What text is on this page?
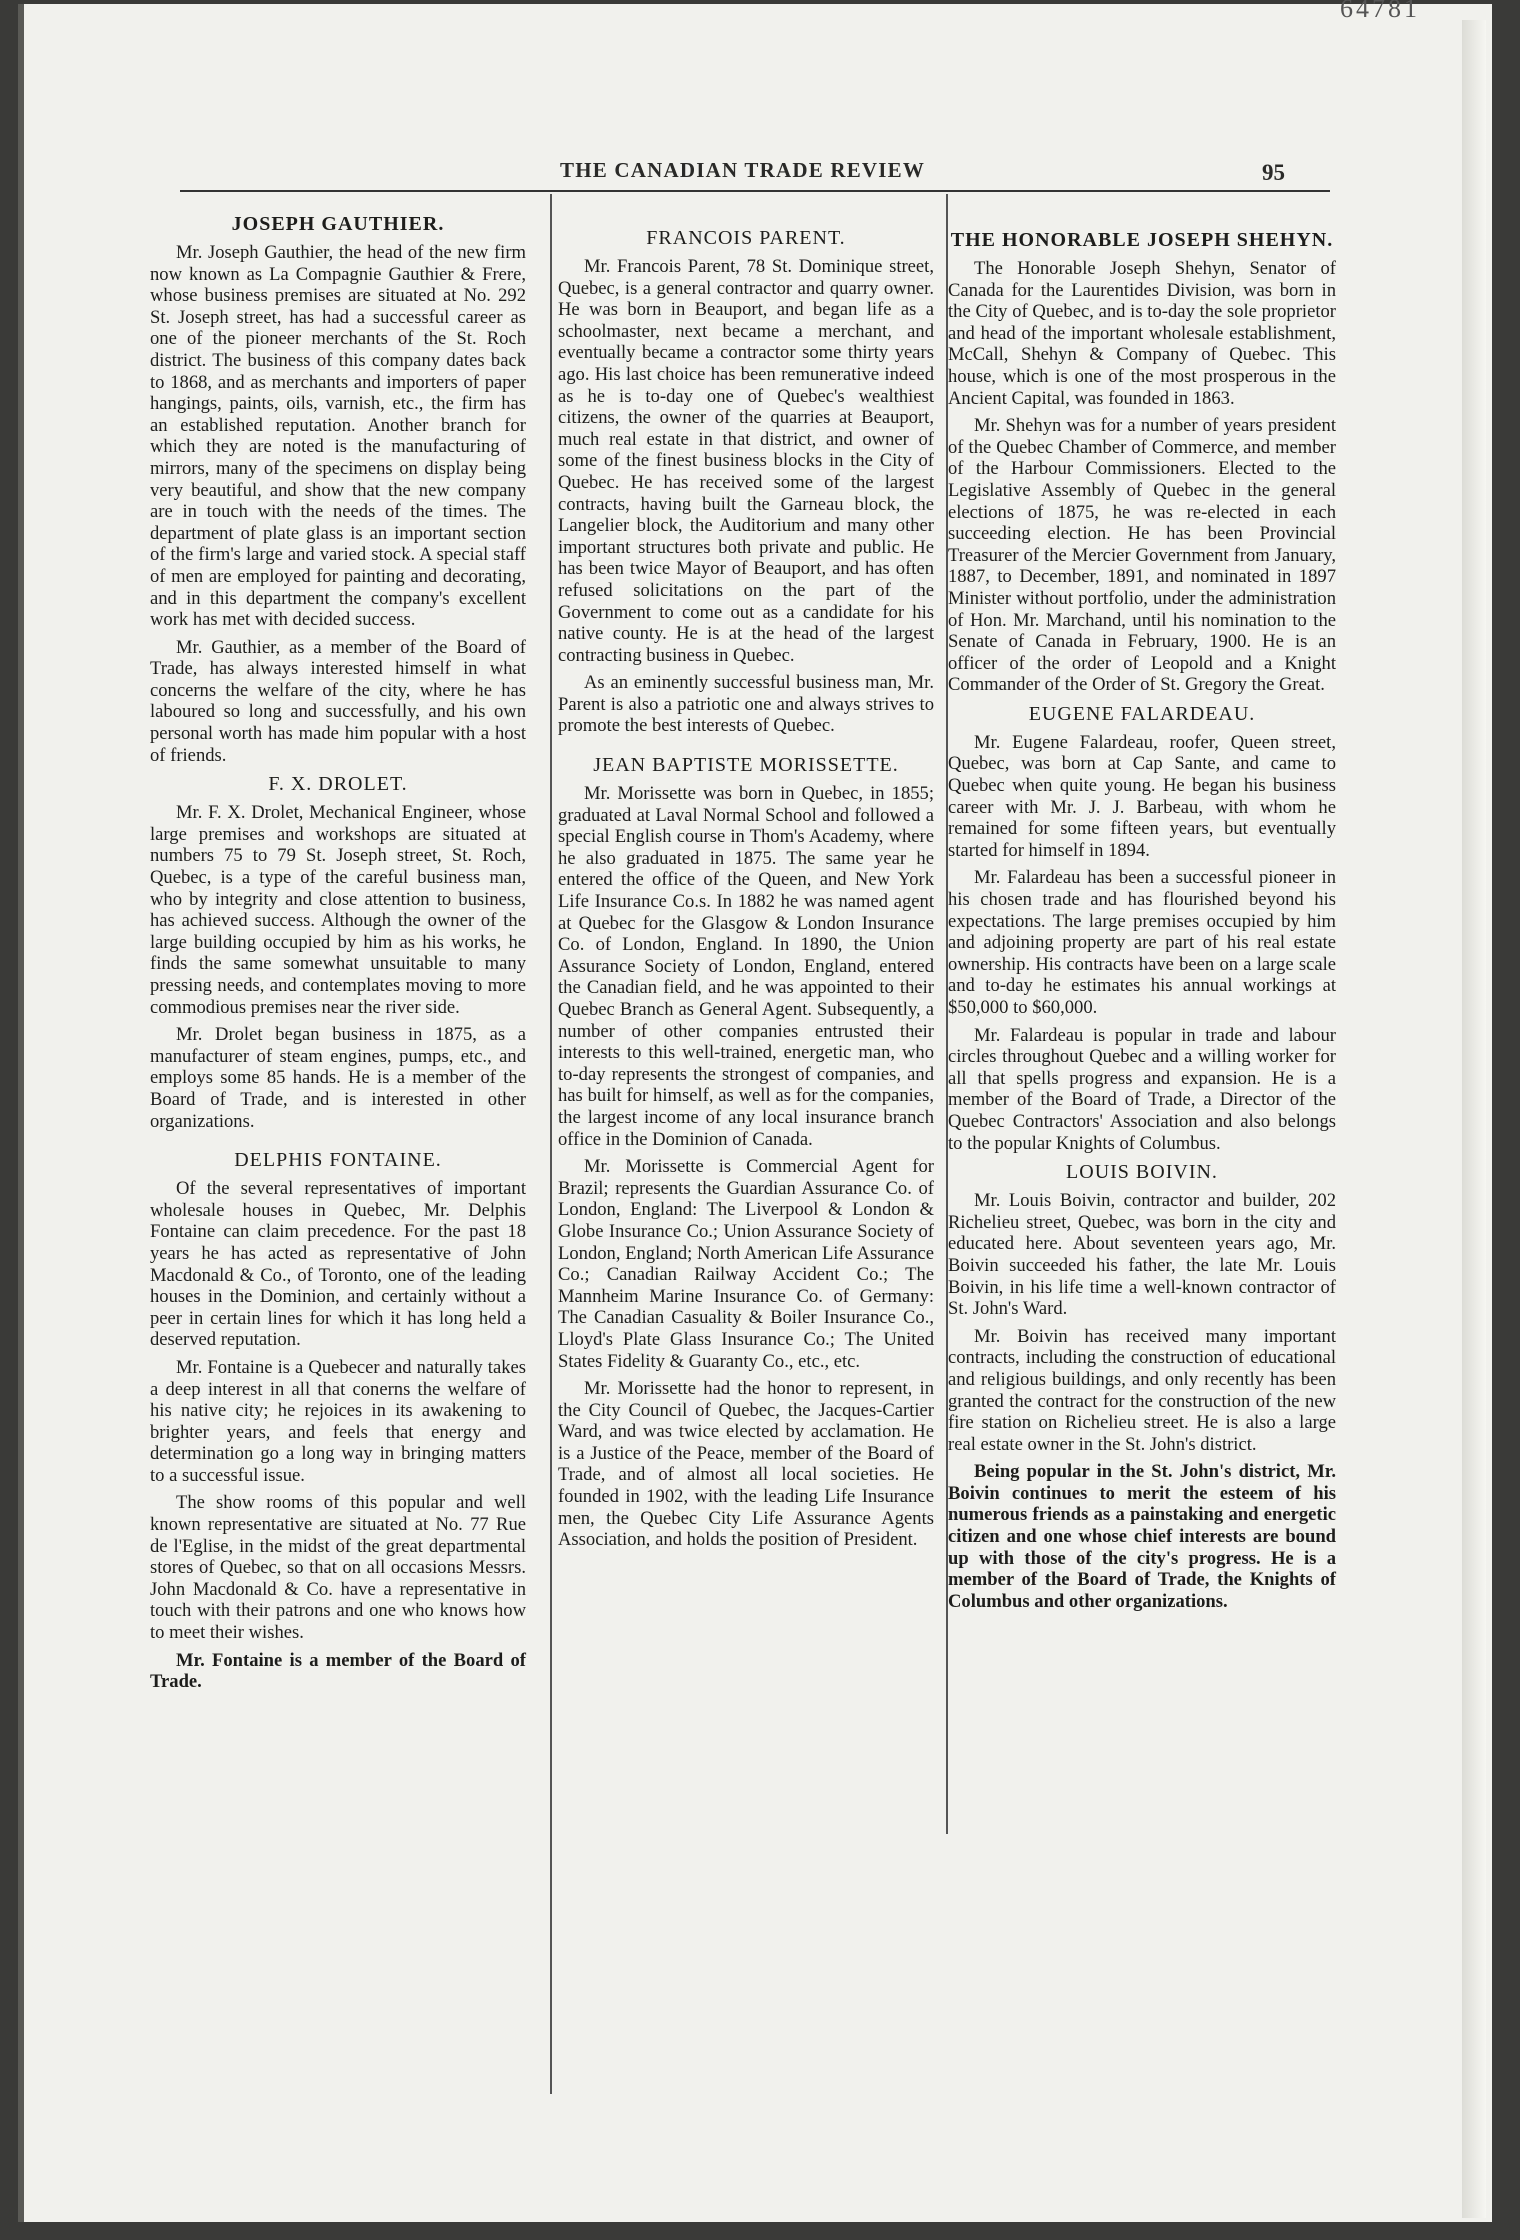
64781
THE CANADIAN TRADE REVIEW	95
JOSEPH GAUTHIER.

Mr. Joseph Gauthier, the head of the new firm now known as La Compagnie Gauthier & Frere, whose business premises are situated at No. 292 St. Joseph street, has had a successful career as one of the pioneer merchants of the St. Roch district. The business of this company dates back to 1868, and as merchants and importers of paper hangings, paints, oils, varnish, etc., the firm has an established reputation. Another branch for which they are noted is the manufacturing of mirrors, many of the specimens on display being very beautiful, and show that the new company are in touch with the needs of the times. The department of plate glass is an important section of the firm's large and varied stock. A special staff of men are employed for painting and decorating, and in this department the company's excellent work has met with decided success.

Mr. Gauthier, as a member of the Board of Trade, has always interested himself in what concerns the welfare of the city, where he has laboured so long and successfully, and his own personal worth has made him popular with a host of friends.

F. X. DROLET.

Mr. F. X. Drolet, Mechanical Engineer, whose large premises and workshops are situated at numbers 75 to 79 St. Joseph street, St. Roch, Quebec, is a type of the careful business man, who by integrity and close attention to business, has achieved success. Although the owner of the large building occupied by him as his works, he finds the same somewhat unsuitable to many pressing needs, and contemplates moving to more commodious premises near the river side.

Mr. Drolet began business in 1875, as a manufacturer of steam engines, pumps, etc., and employs some 85 hands. He is a member of the Board of Trade, and is interested in other organizations.

DELPHIS FONTAINE.

Of the several representatives of important wholesale houses in Quebec, Mr. Delphis Fontaine can claim precedence. For the past 18 years he has acted as representative of John Macdonald & Co., of Toronto, one of the leading houses in the Dominion, and certainly without a peer in certain lines for which it has long held a deserved reputation.

Mr. Fontaine is a Quebecer and naturally takes a deep interest in all that conerns the welfare of his native city; he rejoices in its awakening to brighter years, and feels that energy and determination go a long way in bringing matters to a successful issue.

The show rooms of this popular and well known representative are situated at No. 77 Rue de l'Eglise, in the midst of the great departmental stores of Quebec, so that on all occasions Messrs. John Macdonald & Co. have a representative in touch with their patrons and one who knows how to meet their wishes.

Mr. Fontaine is a member of the Board of Trade.

FRANCOIS PARENT.

Mr. Francois Parent, 78 St. Dominique street, Quebec, is a general contractor and quarry owner. He was born in Beauport, and began life as a schoolmaster, next became a merchant, and eventually became a contractor some thirty years ago. His last choice has been remunerative indeed as he is to-day one of Quebec's wealthiest citizens, the owner of the quarries at Beauport, much real estate in that district, and owner of some of the finest business blocks in the City of Quebec. He has received some of the largest contracts, having built the Garneau block, the Langelier block, the Auditorium and many other important structures both private and public. He has been twice Mayor of Beauport, and has often refused solicitations on the part of the Government to come out as a candidate for his native county. He is at the head of the largest contracting business in Quebec.

As an eminently successful business man, Mr. Parent is also a patriotic one and always strives to promote the best interests of Quebec.

JEAN BAPTISTE MORISSETTE.

Mr. Morissette was born in Quebec, in 1855; graduated at Laval Normal School and followed a special English course in Thom's Academy, where he also graduated in 1875. The same year he entered the office of the Queen, and New York Life Insurance Co.s. In 1882 he was named agent at Quebec for the Glasgow & London Insurance Co. of London, England. In 1890, the Union Assurance Society of London, England, entered the Canadian field, and he was appointed to their Quebec Branch as General Agent. Subsequently, a number of other companies entrusted their interests to this well-trained, energetic man, who to-day represents the strongest of companies, and has built for himself, as well as for the companies, the largest income of any local insurance branch office in the Dominion of Canada.

Mr. Morissette is Commercial Agent for Brazil; represents the Guardian Assurance Co. of London, England: The Liverpool & London & Globe Insurance Co.; Union Assurance Society of London, England; North American Life Assurance Co.; Canadian Railway Accident Co.; The Mannheim Marine Insurance Co. of Germany: The Canadian Casuality & Boiler Insurance Co., Lloyd's Plate Glass Insurance Co.; The United States Fidelity & Guaranty Co., etc., etc.

Mr. Morissette had the honor to represent, in the City Council of Quebec, the Jacques-Cartier Ward, and was twice elected by acclamation. He is a Justice of the Peace, member of the Board of Trade, and of almost all local societies. He founded in 1902, with the leading Life Insurance men, the Quebec City Life Assurance Agents Association, and holds the position of President.

THE HONORABLE JOSEPH SHEHYN.

The Honorable Joseph Shehyn, Senator of Canada for the Laurentides Division, was born in the City of Quebec, and is to-day the sole proprietor and head of the important wholesale establishment, McCall, Shehyn & Company of Quebec. This house, which is one of the most prosperous in the Ancient Capital, was founded in 1863.

Mr. Shehyn was for a number of years president of the Quebec Chamber of Commerce, and member of the Harbour Commissioners. Elected to the Legislative Assembly of Quebec in the general elections of 1875, he was re-elected in each succeeding election. He has been Provincial Treasurer of the Mercier Government from January, 1887, to December, 1891, and nominated in 1897 Minister without portfolio, under the administration of Hon. Mr. Marchand, until his nomination to the Senate of Canada in February, 1900. He is an officer of the order of Leopold and a Knight Commander of the Order of St. Gregory the Great.

EUGENE FALARDEAU.

Mr. Eugene Falardeau, roofer, Queen street, Quebec, was born at Cap Sante, and came to Quebec when quite young. He began his business career with Mr. J. J. Barbeau, with whom he remained for some fifteen years, but eventually started for himself in 1894.

Mr. Falardeau has been a successful pioneer in his chosen trade and has flourished beyond his expectations. The large premises occupied by him and adjoining property are part of his real estate ownership. His contracts have been on a large scale and to-day he estimates his annual workings at $50,000 to $60,000.

Mr. Falardeau is popular in trade and labour circles throughout Quebec and a willing worker for all that spells progress and expansion. He is a member of the Board of Trade, a Director of the Quebec Contractors' Association and also belongs to the popular Knights of Columbus.

LOUIS BOIVIN.

Mr. Louis Boivin, contractor and builder, 202 Richelieu street, Quebec, was born in the city and educated here. About seventeen years ago, Mr. Boivin succeeded his father, the late Mr. Louis Boivin, in his life time a well-known contractor of St. John's Ward.

Mr. Boivin has received many important contracts, including the construction of educational and religious buildings, and only recently has been granted the contract for the construction of the new fire station on Richelieu street. He is also a large real estate owner in the St. John's district.

Being popular in the St. John's district, Mr. Boivin continues to merit the esteem of his numerous friends as a painstaking and energetic citizen and one whose chief interests are bound up with those of the city's progress. He is a member of the Board of Trade, the Knights of Columbus and other organizations.
